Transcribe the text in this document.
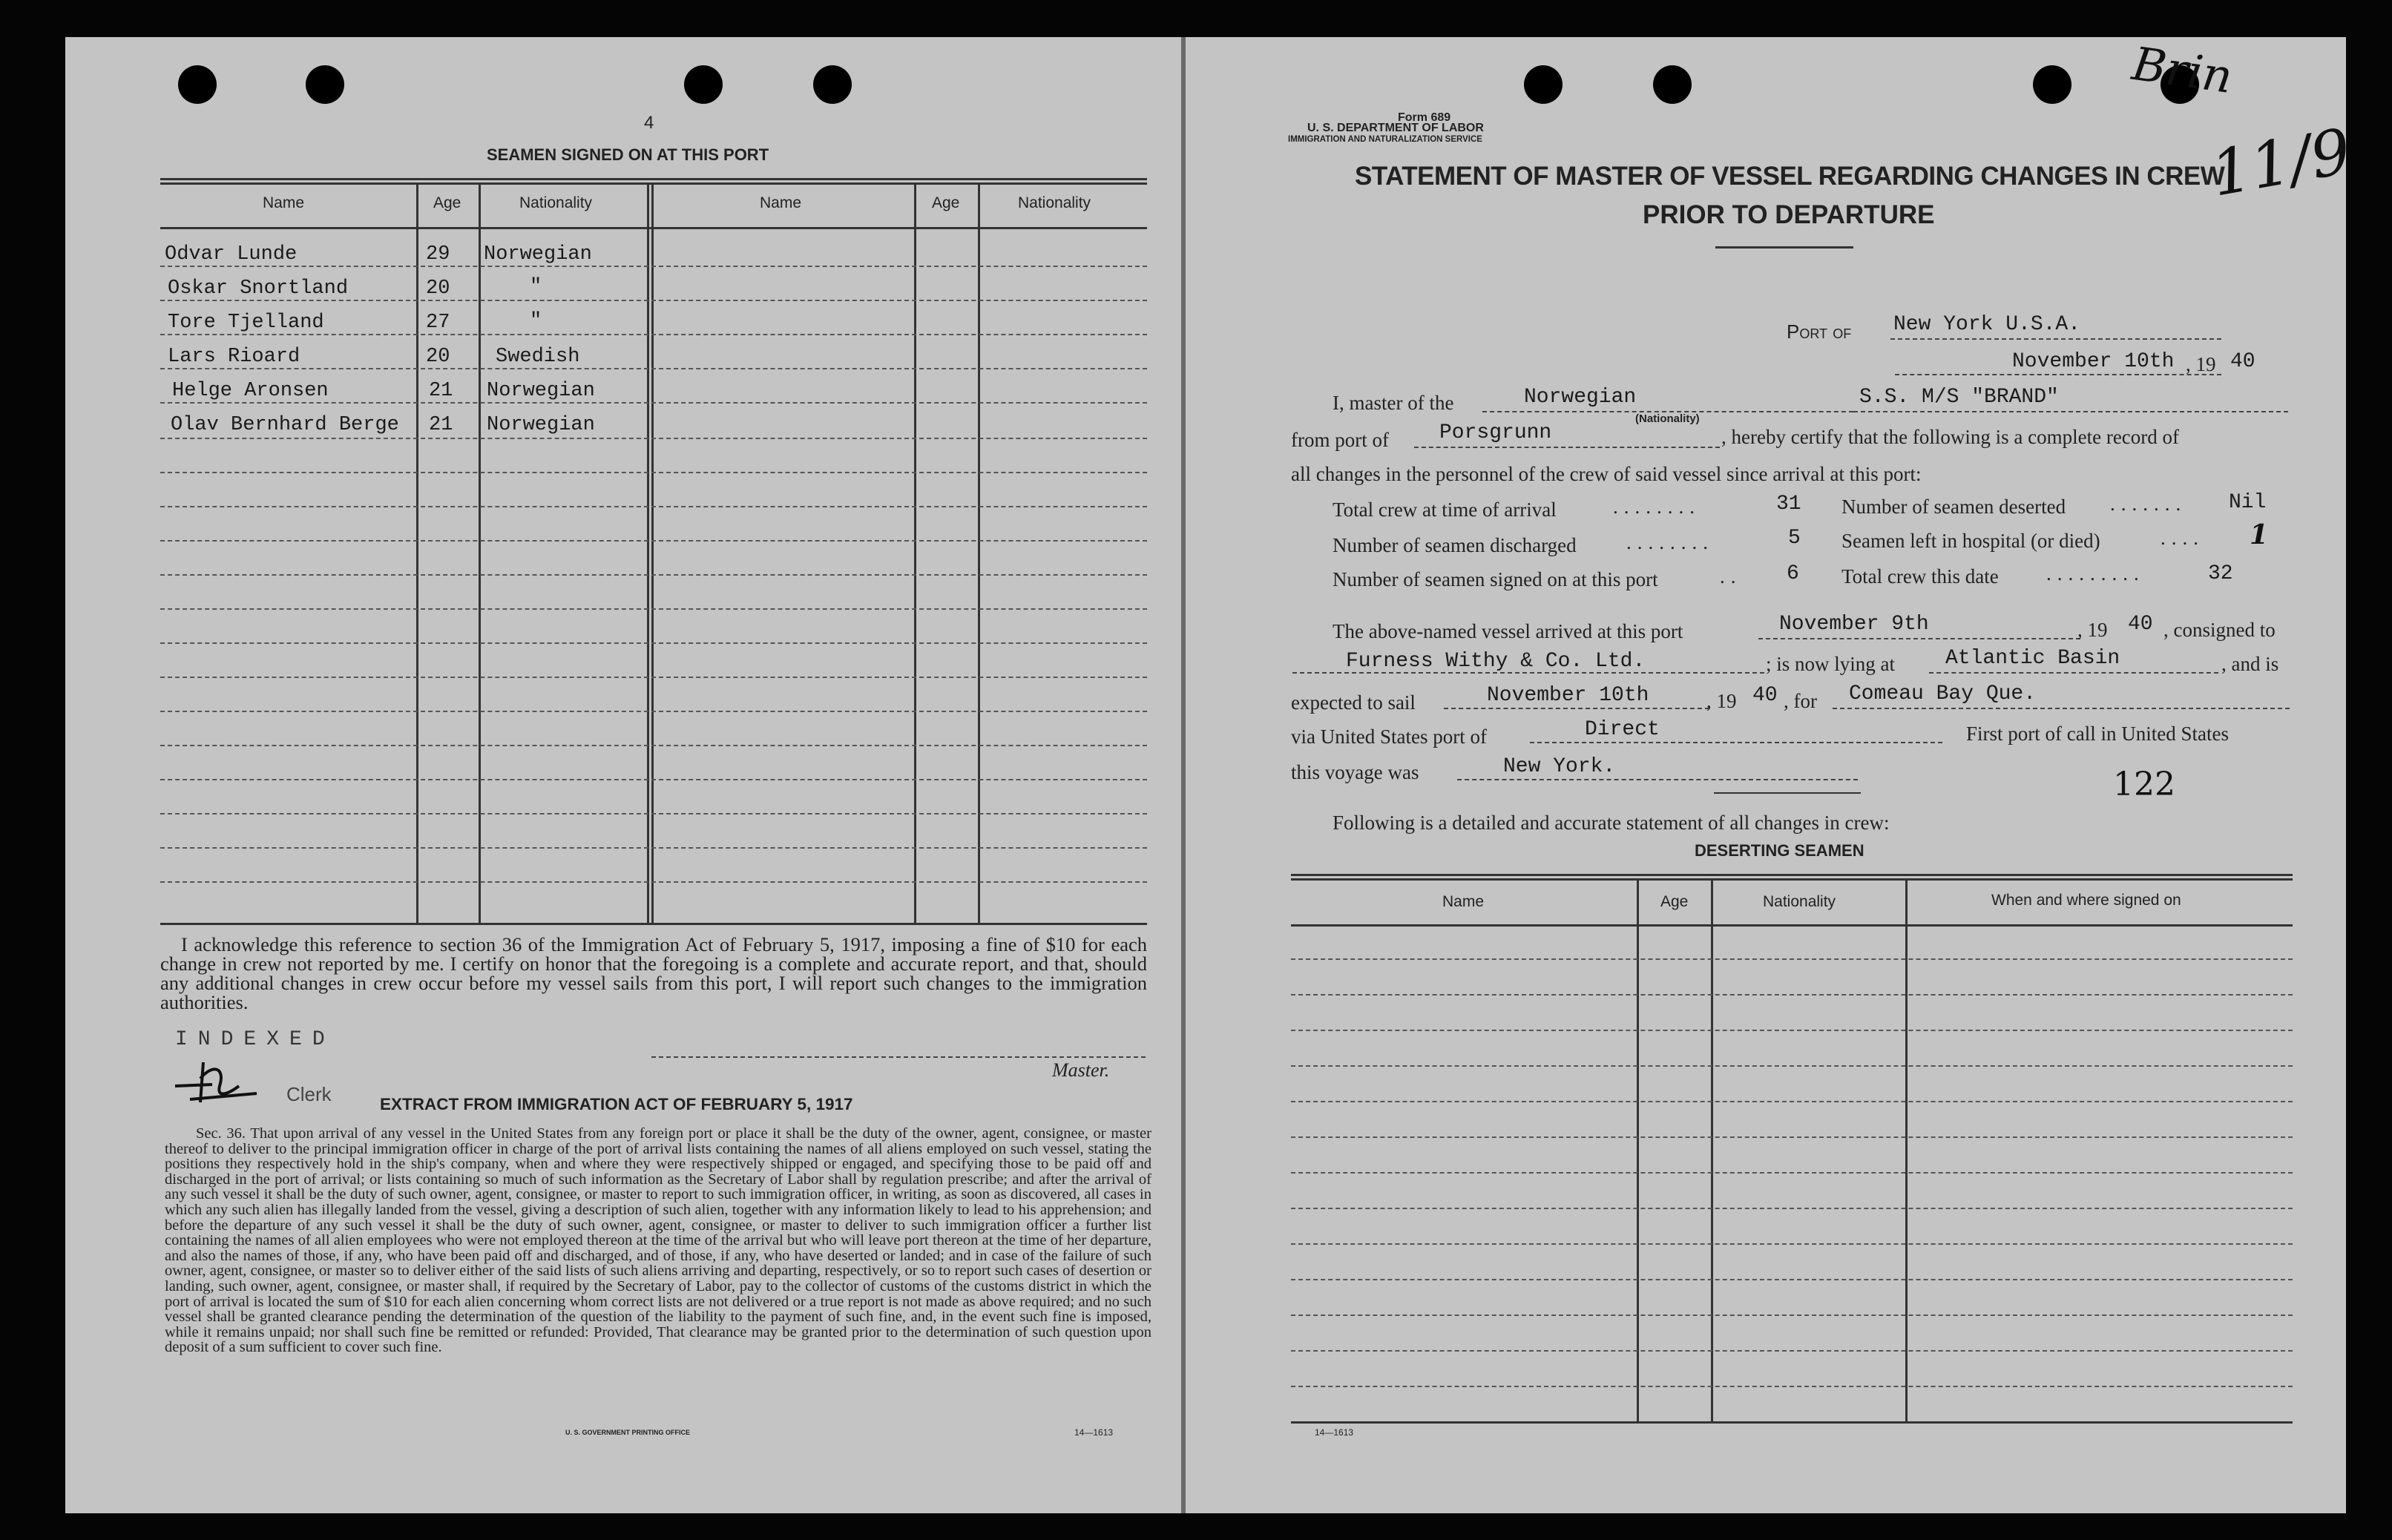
4
SEAMEN SIGNED ON AT THIS PORT
Name	Age	Nationality	Name	Age	Nationality
Odvar Lunde	29 Norwegian
Oskar Snortland	20	"
Tore Tjelland	27	"
Lars Rioard	20 Swedish
Helge Aronsen	21 Norwegian
Olav Bernhard Berge 21 Norwegian
I acknowledge this reference to section 36 of the Immigration Act of February 5, 1917, imposing a fine of $10 for each change in crew not reported by me. I certify on honor that the foregoing is a complete and accurate report, and that, should any additional changes in crew occur before my vessel sails from this port, I will report such changes to the immigration authorities.
INDEXED
Clerk
Master.
EXTRACT FROM IMMIGRATION ACT OF FEBRUARY 5, 1917
Sec. 36. That upon arrival of any vessel in the United States from any foreign port or place it shall be the duty of the owner, agent, consignee, or master thereof to deliver to the principal immigration officer in charge of the port of arrival lists containing the names of all aliens employed on such vessel, stating the positions they respectively hold in the ship's company, when and where they were respectively shipped or engaged, and specifying those to be paid off and discharged in the port of arrival; or lists containing so much of such information as the Secretary of Labor shall by regulation prescribe; and after the arrival of any such vessel it shall be the duty of such owner, agent, consignee, or master to report to such immigration officer, in writing, as soon as discovered, all cases in which any such alien has illegally landed from the vessel, giving a description of such alien, together with any information likely to lead to his apprehension; and before the departure of any such vessel it shall be the duty of such owner, agent, consignee, or master to deliver to such immigration officer a further list containing the names of all alien employees who were not employed thereon at the time of the arrival but who will leave port thereon at the time of her departure, and also the names of those, if any, who have been paid off and discharged, and of those, if any, who have deserted or landed; and in case of the failure of such owner, agent, consignee, or master so to deliver either of the said lists of such aliens arriving and departing, respectively, or so to report such cases of desertion or landing, such owner, agent, consignee, or master shall, if required by the Secretary of Labor, pay to the collector of customs of the customs district in which the port of arrival is located the sum of $10 for each alien concerning whom correct lists are not delivered or a true report is not made as above required; and no such vessel shall be granted clearance pending the determination of the question of the liability to the payment of such fine, and, in the event such fine is imposed, while it remains unpaid; nor shall such fine be remitted or refunded: Provided, That clearance may be granted prior to the determination of such question upon deposit of a sum sufficient to cover such fine.
U. S. GOVERNMENT PRINTING OFFICE	14—1613
Form 689
U. S. DEPARTMENT OF LABOR
IMMIGRATION AND NATURALIZATION SERVICE
Brin
11/9
STATEMENT OF MASTER OF VESSEL REGARDING CHANGES IN CREW
PRIOR TO DEPARTURE
Port of New York U.S.A.
November 10th , 19 40
I, master of the	Norwegian
(Nationality)
S.S. M/S "BRAND"
from port of Porsgrunn	, hereby certify that the following is a complete record of
all changes in the personnel of the crew of said vessel since arrival at this port:
Total crew at time of arrival	........	31 Number of seamen deserted ....... Nil
Number of seamen discharged ........	5 Seamen left in hospital (or died)	.... 1
Number of seamen signed on at this port	.. 6 Total crew this date .........	32
The above-named vessel arrived at this port	November 9th	, 19 40 , consigned to
Furness Withy & Co. Ltd.	; is now lying at Atlantic Basin	, and is
expected to sail	November 10th	, 19 40 , for Comeau Bay Que.
via United States port of	Direct	First port of call in United States
this voyage was	New York.	122
Following is a detailed and accurate statement of all changes in crew:
DESERTING SEAMEN
Name	Age	Nationality	When and where signed on
14—1613
